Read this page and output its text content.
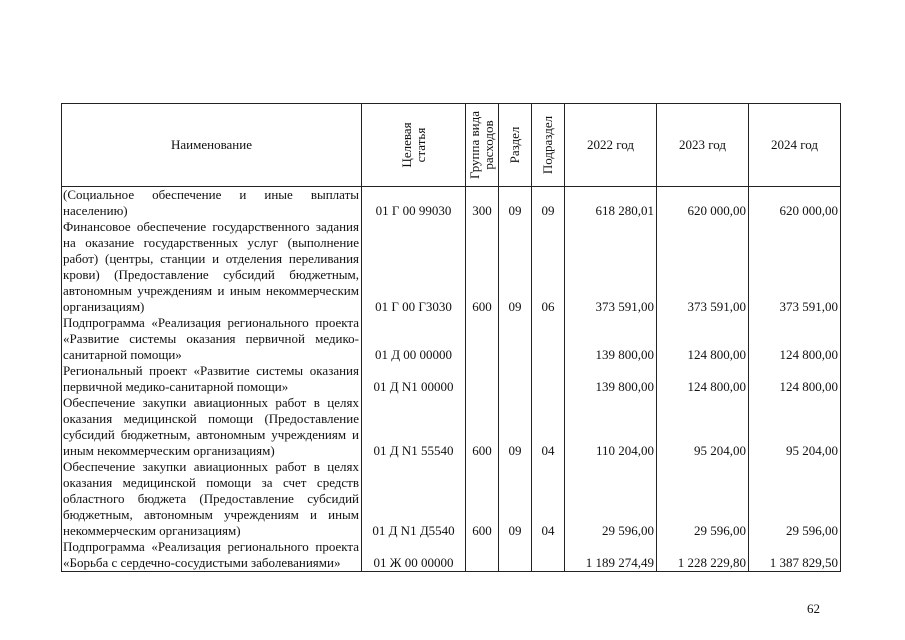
Наименование	Целевая статья	Группа вида расходов	Раздел	Подраздел	2022 год	2023 год	2024 год
(Социальное обеспечение и иные выплаты населению)	01 Г 00 99030	300	09	09	618 280,01	620 000,00	620 000,00
Финансовое обеспечение государственного задания на оказание государственных услуг (выполнение работ) (центры, станции и отделения переливания крови) (Предоставление субсидий бюджетным, автономным учреждениям и иным некоммерческим организациям)	01 Г 00 Г3030	600	09	06	373 591,00	373 591,00	373 591,00
Подпрограмма «Реализация регионального проекта «Развитие системы оказания первичной медико-санитарной помощи»	01 Д 00 00000				139 800,00	124 800,00	124 800,00
Региональный проект «Развитие системы оказания первичной медико-санитарной помощи»	01 Д N1 00000				139 800,00	124 800,00	124 800,00
Обеспечение закупки авиационных работ в целях оказания медицинской помощи (Предоставление субсидий бюджетным, автономным учреждениям и иным некоммерческим организациям)	01 Д N1 55540	600	09	04	110 204,00	95 204,00	95 204,00
Обеспечение закупки авиационных работ в целях оказания медицинской помощи за счет средств областного бюджета (Предоставление субсидий бюджетным, автономным учреждениям и иным некоммерческим организациям)	01 Д N1 Д5540	600	09	04	29 596,00	29 596,00	29 596,00
Подпрограмма «Реализация регионального проекта «Борьба с сердечно-сосудистыми заболеваниями»	01 Ж 00 00000				1 189 274,49	1 228 229,80	1 387 829,50
62
